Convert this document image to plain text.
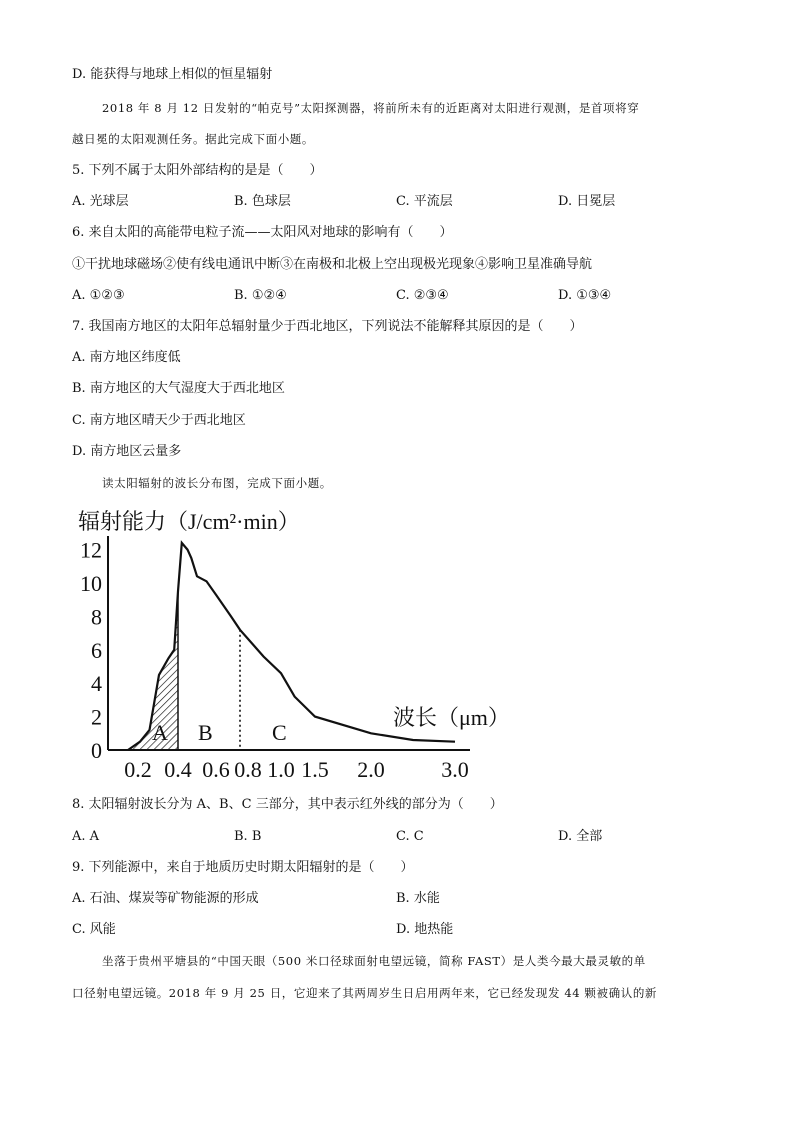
D. 能获得与地球上相似的恒星辐射
2018 年 8 月 12 日发射的“帕克号”太阳探测器，将前所未有的近距离对太阳进行观测，是首项将穿
越日冕的太阳观测任务。据此完成下面小题。
5. 下列不属于太阳外部结构的是是（　　）
A. 光球层	B. 色球层	C. 平流层	D. 日冕层
6. 来自太阳的高能带电粒子流——太阳风对地球的影响有（　　）
①干扰地球磁场②使有线电通讯中断③在南极和北极上空出现极光现象④影响卫星准确导航
A. ①②③	B. ①②④	C. ②③④	D. ①③④
7. 我国南方地区的太阳年总辐射量少于西北地区，下列说法不能解释其原因的是（　　）
A. 南方地区纬度低
B. 南方地区的大气湿度大于西北地区
C. 南方地区晴天少于西北地区
D. 南方地区云量多
读太阳辐射的波长分布图，完成下面小题。
辐射能力（J/cm²·min）
12
10
8
6
4
2
0
0.2 0.4 0.6 0.8 1.0 1.5 2.0	3.0
A B	C
波长（μm）
8. 太阳辐射波长分为 A、B、C 三部分，其中表示红外线的部分为（　　）
A. A	B. B	C. C	D. 全部
9. 下列能源中，来自于地质历史时期太阳辐射的是（　　）
A. 石油、煤炭等矿物能源的形成	B. 水能
C. 风能	D. 地热能
坐落于贵州平塘县的“中国天眼（500 米口径球面射电望远镜，简称 FAST）是人类今最大最灵敏的单
口径射电望远镜。2018 年 9 月 25 日，它迎来了其两周岁生日启用两年来，它已经发现发 44 颗被确认的新
